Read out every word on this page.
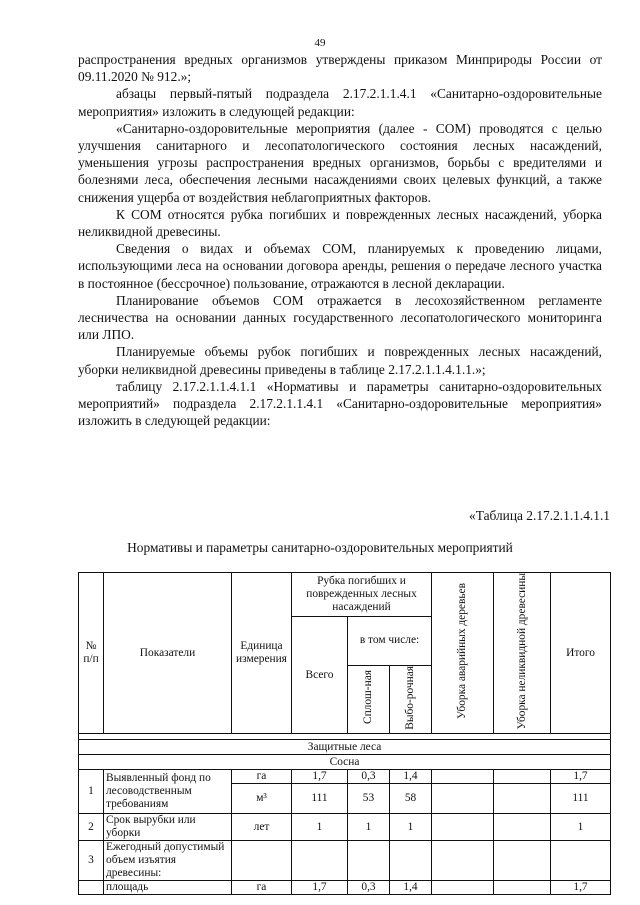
49

распространения вредных организмов утверждены приказом Минприроды России от 09.11.2020 № 912.»;

абзацы первый-пятый подраздела 2.17.2.1.1.4.1 «Санитарно-оздоровительные мероприятия» изложить в следующей редакции:

«Санитарно-оздоровительные мероприятия (далее - СОМ) проводятся с целью улучшения санитарного и лесопатологического состояния лесных насаждений, уменьшения угрозы распространения вредных организмов, борьбы с вредителями и болезнями леса, обеспечения лесными насаждениями своих целевых функций, а также снижения ущерба от воздействия неблагоприятных факторов.

К СОМ относятся рубка погибших и поврежденных лесных насаждений, уборка неликвидной древесины.

Сведения о видах и объемах СОМ, планируемых к проведению лицами, использующими леса на основании договора аренды, решения о передаче лесного участка в постоянное (бессрочное) пользование, отражаются в лесной декларации.

Планирование объемов СОМ отражается в лесохозяйственном регламенте лесничества на основании данных государственного лесопатологического мониторинга или ЛПО.

Планируемые объемы рубок погибших и поврежденных лесных насаждений, уборки неликвидной древесины приведены в таблице 2.17.2.1.1.4.1.1.»;

таблицу 2.17.2.1.1.4.1.1 «Нормативы и параметры санитарно-оздоровительных мероприятий» подраздела 2.17.2.1.1.4.1 «Санитарно-оздоровительные мероприятия» изложить в следующей редакции:

«Таблица 2.17.2.1.1.4.1.1
Нормативы и параметры санитарно-оздоровительных мероприятий
№ п/п	Показатели	Единица измерения	Рубка погибших и поврежденных лесных насаждений			Уборка аварийных деревьев	Уборка неликвидной древесины	Итого
			Всего	в том числе:				
				Сплош-ная	Выбо-рочная			

Защитные леса								
Сосна								
1	Выявленный фонд по лесоводственным требованиям	га	1,7	0,3	1,4			1,7
		м³	111	53	58			111
2	Срок вырубки или уборки	лет	1	1	1			1
3	Ежегодный допустимый объем изъятия древесины:							
	площадь	га	1,7	0,3	1,4			1,7
